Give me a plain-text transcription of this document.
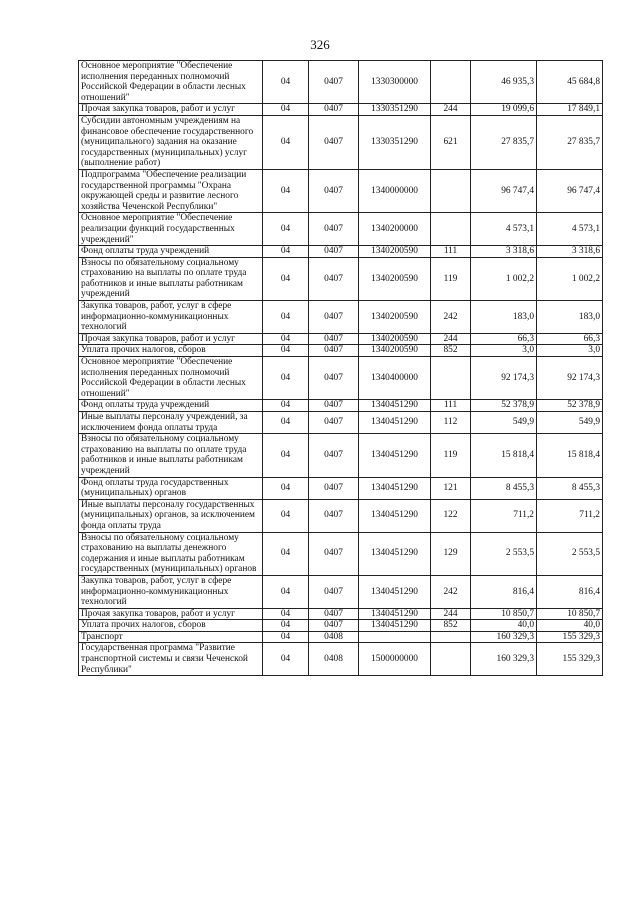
326
Основное мероприятие "Обеспечение исполнения переданных полномочий Российской Федерации в области лесных отношений"	04	0407	1330300000		46 935,3	45 684,8
Прочая закупка товаров, работ и услуг	04	0407	1330351290	244	19 099,6	17 849,1
Субсидии автономным учреждениям на финансовое обеспечение государственного (муниципального) задания на оказание государственных (муниципальных) услуг (выполнение работ)	04	0407	1330351290	621	27 835,7	27 835,7
Подпрограмма "Обеспечение реализации государственной программы "Охрана окружающей среды и развитие лесного хозяйства Чеченской Республики"	04	0407	1340000000		96 747,4	96 747,4
Основное мероприятие "Обеспечение реализации функций государственных учреждений"	04	0407	1340200000		4 573,1	4 573,1
Фонд оплаты труда учреждений	04	0407	1340200590	111	3 318,6	3 318,6
Взносы по обязательному социальному страхованию на выплаты по оплате труда работников и иные выплаты работникам учреждений	04	0407	1340200590	119	1 002,2	1 002,2
Закупка товаров, работ, услуг в сфере информационно-коммуникационных технологий	04	0407	1340200590	242	183,0	183,0
Прочая закупка товаров, работ и услуг	04	0407	1340200590	244	66,3	66,3
Уплата прочих налогов, сборов	04	0407	1340200590	852	3,0	3,0
Основное мероприятие "Обеспечение исполнения переданных полномочий Российской Федерации в области лесных отношений"	04	0407	1340400000		92 174,3	92 174,3
Фонд оплаты труда учреждений	04	0407	1340451290	111	52 378,9	52 378,9
Иные выплаты персоналу учреждений, за исключением фонда оплаты труда	04	0407	1340451290	112	549,9	549,9
Взносы по обязательному социальному страхованию на выплаты по оплате труда работников и иные выплаты работникам учреждений	04	0407	1340451290	119	15 818,4	15 818,4
Фонд оплаты труда государственных (муниципальных) органов	04	0407	1340451290	121	8 455,3	8 455,3
Иные выплаты персоналу государственных (муниципальных) органов, за исключением фонда оплаты труда	04	0407	1340451290	122	711,2	711,2
Взносы по обязательному социальному страхованию на выплаты денежного содержания и иные выплаты работникам государственных (муниципальных) органов	04	0407	1340451290	129	2 553,5	2 553,5
Закупка товаров, работ, услуг в сфере информационно-коммуникационных технологий	04	0407	1340451290	242	816,4	816,4
Прочая закупка товаров, работ и услуг	04	0407	1340451290	244	10 850,7	10 850,7
Уплата прочих налогов, сборов	04	0407	1340451290	852	40,0	40,0
Транспорт	04	0408			160 329,3	155 329,3
Государственная программа "Развитие транспортной системы и связи Чеченской Республики"	04	0408	1500000000		160 329,3	155 329,3
